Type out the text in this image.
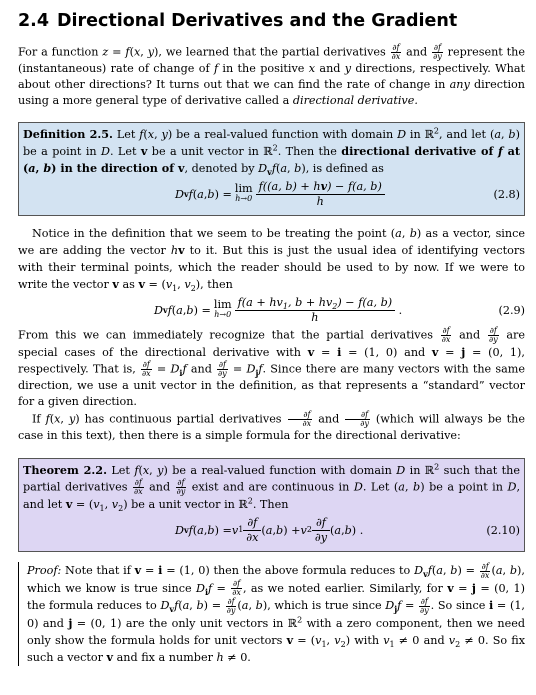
2.4 Directional Derivatives and the Gradient

For a function z = f(x, y), we learned that the partial derivatives $\frac{\partial f}{\partial x}$ and $\frac{\partial f}{\partial y}$ represent the (instantaneous) rate of change of f in the positive x and y directions, respectively. What about other directions? It turns out that we can find the rate of change in any direction using a more general type of derivative called a directional derivative.

Definition 2.5. Let f(x, y) be a real-valued function with domain D in ℝ$^2$, and let (a, b) be a point in D. Let v be a unit vector in ℝ$^2$. Then the directional derivative of f at (a, b) in the direction of v, denoted by $D_vf(a$, b), is defined as

D v f ( a , b ) = lim
h→0
f((a, b) + hv) − f(a, b)
h
(2.8)

Notice in the definition that we seem to be treating the point (a, b) as a vector, since we are adding the vector hv to it. But this is just the usual idea of identifying vectors with their terminal points, which the reader should be used to by now. If we were to write the vector v as $v = (v_1$, $v_2$), then

D v f ( a , b ) = lim
h→0
$f(a + hv_1$, $b + hv_2) - f(a$, b)
h
.	(2.9)

From this we can immediately recognize that the partial derivatives $\frac{\partial f}{\partial x}$ and $\frac{\partial f}{\partial y}$ are special cases of the directional derivative with v = i = (1, 0) and v = j = (0, 1), respectively. That is, $\frac{\partial f}{\partial x} = D_if$ and $\frac{\partial f}{\partial y} = D_jf$. Since there are many vectors with the same direction, we use a unit vector in the definition, as that represents a “standard” vector for a given direction.

If f(x, y) has continuous partial derivatives $\frac{\partial f}{\partial x}$ and $\frac{\partial f}{\partial y}$ (which will always be the case in this text), then there is a simple formula for the directional derivative:

Theorem 2.2. Let f(x, y) be a real-valued function with domain D in ℝ$^2$ such that the partial derivatives $\frac{\partial f}{\partial x}$ and $\frac{\partial f}{\partial y}$ exist and are continuous in D. Let (a, b) be a point in D, and let $v = (v_1$, $v_2$) be a unit vector in ℝ$^2$. Then

D v f ( a , b ) = v 1
∂f
∂x
( a , b ) + v 2
∂f
∂y
( a , b ) .	(2.10)

Proof: Note that if v = i = (1, 0) then the above formula reduces to $D_vf(a$, $b) = \frac{\partial f}{\partial x} (a$, b), which we know is true since $D_if = \frac{\partial f}{\partial x}$ , as we noted earlier. Similarly, for v = j = (0, 1) the formula reduces to $D_vf(a$, $b) = \frac{\partial f}{\partial y} (a$, b), which is true since $D_jf = \frac{\partial f}{\partial y}$ . So since i = (1, 0) and j = (0, 1) are the only unit vectors in ℝ$^2$ with a zero component, then we need only show the formula holds for unit vectors $v = (v_1$, $v_2$) with $v_1 \ne 0$ and $v_2 \ne 0$. So fix such a vector v and fix a number h ≠ 0.
